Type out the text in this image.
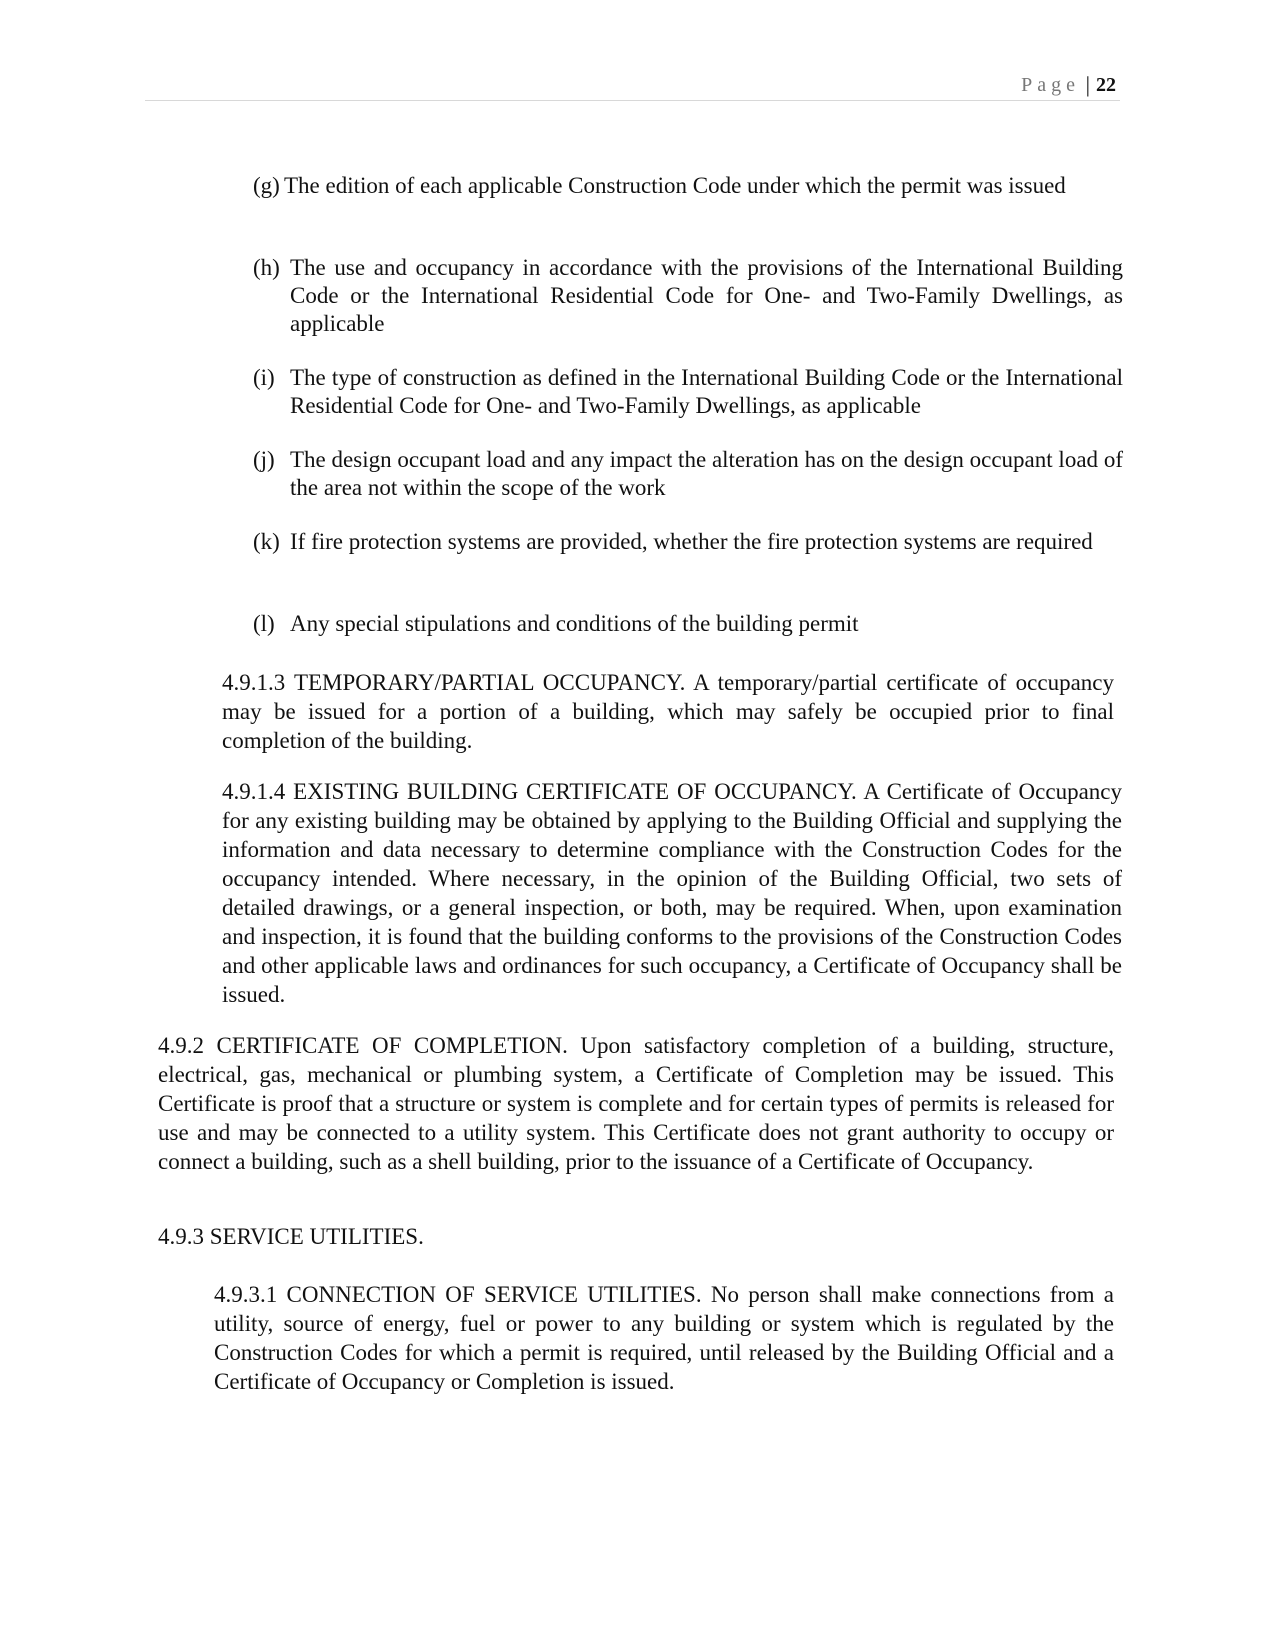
Page | 22
(g) The edition of each applicable Construction Code under which the permit was issued
(h) The use and occupancy in accordance with the provisions of the International Building Code or the International Residential Code for One- and Two-Family Dwellings, as applicable
(i) The type of construction as defined in the International Building Code or the International Residential Code for One- and Two-Family Dwellings, as applicable
(j) The design occupant load and any impact the alteration has on the design occupant load of the area not within the scope of the work
(k) If fire protection systems are provided, whether the fire protection systems are required
(l) Any special stipulations and conditions of the building permit
4.9.1.3 TEMPORARY/PARTIAL OCCUPANCY. A temporary/partial certificate of occupancy may be issued for a portion of a building, which may safely be occupied prior to final completion of the building.
4.9.1.4 EXISTING BUILDING CERTIFICATE OF OCCUPANCY. A Certificate of Occupancy for any existing building may be obtained by applying to the Building Official and supplying the information and data necessary to determine compliance with the Construction Codes for the occupancy intended. Where necessary, in the opinion of the Building Official, two sets of detailed drawings, or a general inspection, or both, may be required. When, upon examination and inspection, it is found that the building conforms to the provisions of the Construction Codes and other applicable laws and ordinances for such occupancy, a Certificate of Occupancy shall be issued.
4.9.2 CERTIFICATE OF COMPLETION. Upon satisfactory completion of a building, structure, electrical, gas, mechanical or plumbing system, a Certificate of Completion may be issued. This Certificate is proof that a structure or system is complete and for certain types of permits is released for use and may be connected to a utility system. This Certificate does not grant authority to occupy or connect a building, such as a shell building, prior to the issuance of a Certificate of Occupancy.
4.9.3 SERVICE UTILITIES.
4.9.3.1 CONNECTION OF SERVICE UTILITIES. No person shall make connections from a utility, source of energy, fuel or power to any building or system which is regulated by the Construction Codes for which a permit is required, until released by the Building Official and a Certificate of Occupancy or Completion is issued.
